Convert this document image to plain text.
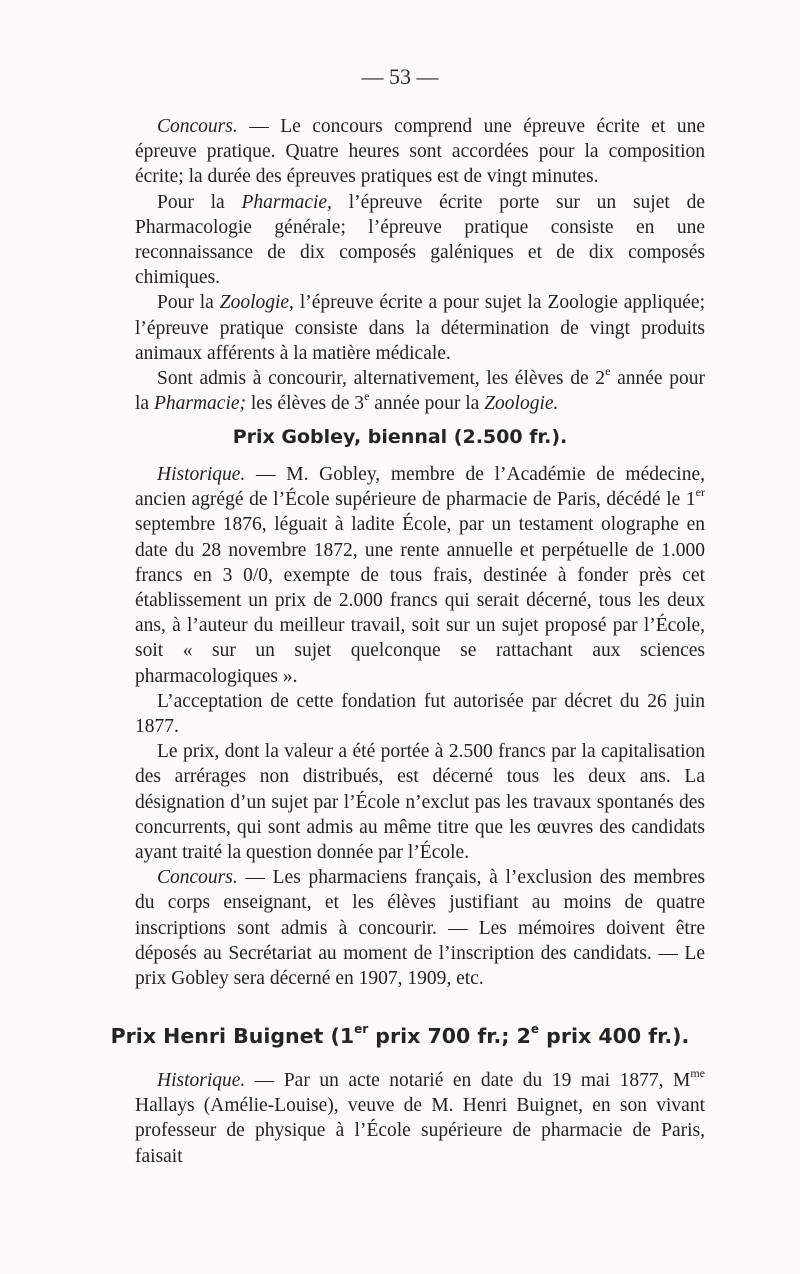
— 53 —

Concours. — Le concours comprend une épreuve écrite et une épreuve pratique. Quatre heures sont accordées pour la composition écrite; la durée des épreuves pratiques est de vingt minutes.

Pour la Pharmacie, l’épreuve écrite porte sur un sujet de Pharmacologie générale; l’épreuve pratique consiste en une reconnaissance de dix composés galéniques et de dix composés chimiques.

Pour la Zoologie, l’épreuve écrite a pour sujet la Zoologie appliquée; l’épreuve pratique consiste dans la détermination de vingt produits animaux afférents à la matière médicale.

Sont admis à concourir, alternativement, les élèves de 2e année pour la Pharmacie; les élèves de 3e année pour la Zoologie.

Prix Gobley, biennal (2.500 fr.).

Historique. — M. Gobley, membre de l’Académie de médecine, ancien agrégé de l’École supérieure de pharmacie de Paris, décédé le 1er septembre 1876, léguait à ladite École, par un testament olographe en date du 28 novembre 1872, une rente annuelle et perpétuelle de 1.000 francs en 3 0/0, exempte de tous frais, destinée à fonder près cet établissement un prix de 2.000 francs qui serait décerné, tous les deux ans, à l’auteur du meilleur travail, soit sur un sujet proposé par l’École, soit « sur un sujet quelconque se rattachant aux sciences pharmacologiques ».

L’acceptation de cette fondation fut autorisée par décret du 26 juin 1877.

Le prix, dont la valeur a été portée à 2.500 francs par la capitalisation des arrérages non distribués, est décerné tous les deux ans. La désignation d’un sujet par l’École n’exclut pas les travaux spontanés des concurrents, qui sont admis au même titre que les œuvres des candidats ayant traité la question donnée par l’École.

Concours. — Les pharmaciens français, à l’exclusion des membres du corps enseignant, et les élèves justifiant au moins de quatre inscriptions sont admis à concourir. — Les mémoires doivent être déposés au Secrétariat au moment de l’inscription des candidats. — Le prix Gobley sera décerné en 1907, 1909, etc.

Prix Henri Buignet (1er prix 700 fr.; 2e prix 400 fr.).

Historique. — Par un acte notarié en date du 19 mai 1877, $M^{me}$ Hallays (Amélie-Louise), veuve de M. Henri Buignet, en son vivant professeur de physique à l’École supérieure de pharmacie de Paris, faisait
